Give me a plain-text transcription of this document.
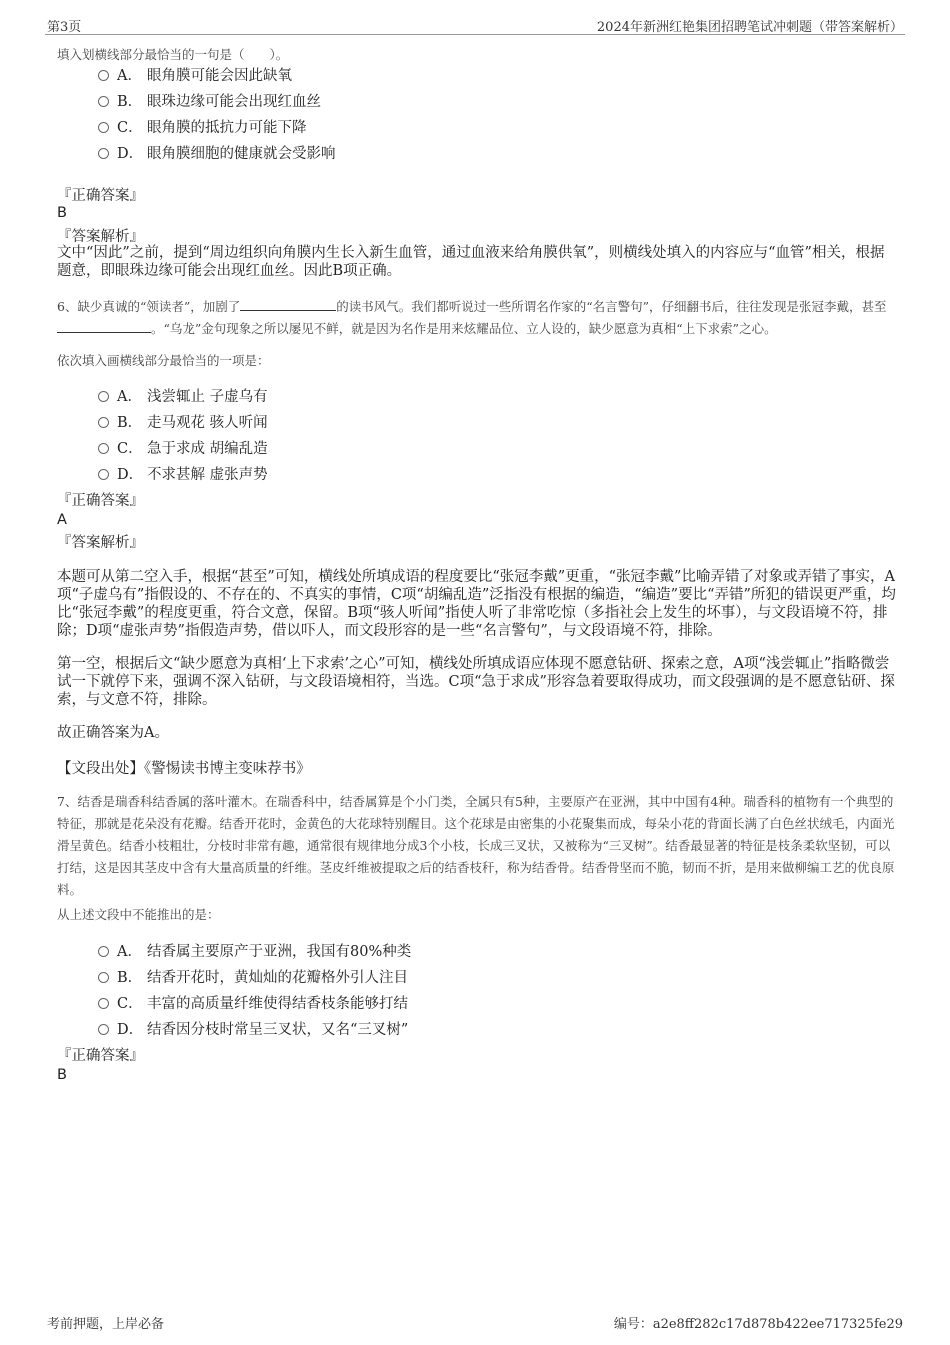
第3页	2024年新洲红艳集团招聘笔试冲刺题（带答案解析）
填入划横线部分最恰当的一句是（　　）。
A． 眼角膜可能会因此缺氧
B． 眼珠边缘可能会出现红血丝
C． 眼角膜的抵抗力可能下降
D． 眼角膜细胞的健康就会受影响
『正确答案』
B
『答案解析』
文中“因此”之前，提到“周边组织向角膜内生长入新生血管，通过血液来给角膜供氧”，则横线处填入的内容应与“血管”相关，根据题意，即眼珠边缘可能会出现红血丝。因此B项正确。
6、缺少真诚的“领读者”，加剧了	的读书风气。我们都听说过一些所谓名作家的“名言警句”，仔细翻书后，往往发现是张冠李戴，甚至。“乌龙”金句现象之所以屡见不鲜，就是因为名作是用来炫耀品位、立人设的，缺少愿意为真相“上下求索”之心。
依次填入画横线部分最恰当的一项是：
A． 浅尝辄止 子虚乌有
B． 走马观花 骇人听闻
C． 急于求成 胡编乱造
D． 不求甚解 虚张声势
『正确答案』
A
『答案解析』
本题可从第二空入手，根据“甚至”可知，横线处所填成语的程度要比“张冠李戴”更重，“张冠李戴”比喻弄错了对象或弄错了事实，A项“子虚乌有”指假设的、不存在的、不真实的事情，C项“胡编乱造”泛指没有根据的编造，“编造”要比“弄错”所犯的错误更严重，均比“张冠李戴”的程度更重，符合文意，保留。B项“骇人听闻”指使人听了非常吃惊（多指社会上发生的坏事），与文段语境不符，排除；D项“虚张声势”指假造声势，借以吓人，而文段形容的是一些“名言警句”，与文段语境不符，排除。
第一空，根据后文“缺少愿意为真相‘上下求索’之心”可知，横线处所填成语应体现不愿意钻研、探索之意，A项“浅尝辄止”指略微尝试一下就停下来，强调不深入钻研，与文段语境相符，当选。C项“急于求成”形容急着要取得成功，而文段强调的是不愿意钻研、探索，与文意不符，排除。
故正确答案为A。
【文段出处】《警惕读书博主变味荐书》
7、结香是瑞香科结香属的落叶灌木。在瑞香科中，结香属算是个小门类，全属只有5种，主要原产在亚洲，其中中国有4种。瑞香科的植物有一个典型的特征，那就是花朵没有花瓣。结香开花时，金黄色的大花球特别醒目。这个花球是由密集的小花聚集而成，每朵小花的背面长满了白色丝状绒毛，内面光滑呈黄色。结香小枝粗壮，分枝时非常有趣，通常很有规律地分成3个小枝，长成三叉状，又被称为“三叉树”。结香最显著的特征是枝条柔软坚韧，可以打结，这是因其茎皮中含有大量高质量的纤维。茎皮纤维被提取之后的结香枝秆，称为结香骨。结香骨坚而不脆，韧而不折，是用来做柳编工艺的优良原料。
从上述文段中不能推出的是：
A． 结香属主要原产于亚洲，我国有80%种类
B． 结香开花时，黄灿灿的花瓣格外引人注目
C． 丰富的高质量纤维使得结香枝条能够打结
D． 结香因分枝时常呈三叉状，又名“三叉树”
『正确答案』
B
考前押题，上岸必备	编号：a2e8ff282c17d878b422ee717325fe29
